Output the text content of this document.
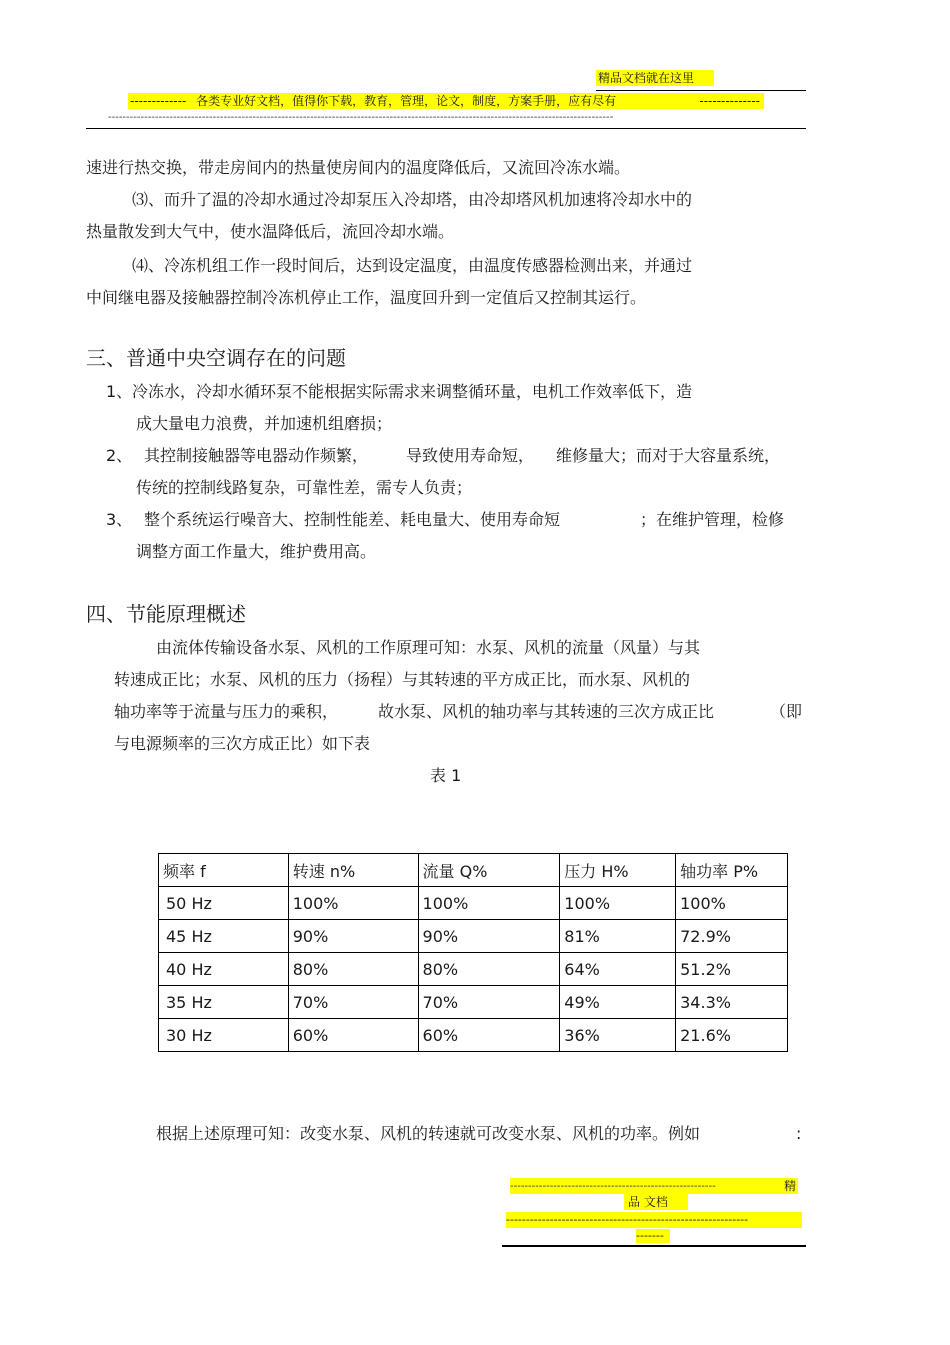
精品文档就在这里
------------- 各类专业好文档，值得你下载，教育，管理，论文，制度，方案手册，应有尽有	--------------
--------------------------------------------------------------------------------------------------------------------------------------------
速进行热交换，带走房间内的热量使房间内的温度降低后，又流回冷冻水端。
⑶、而升了温的冷却水通过冷却泵压入冷却塔，由冷却塔风机加速将冷却水中的
热量散发到大气中，使水温降低后，流回冷却水端。
⑷、冷冻机组工作一段时间后，达到设定温度，由温度传感器检测出来，并通过
中间继电器及接触器控制冷冻机停止工作，温度回升到一定值后又控制其运行。
三、普通中央空调存在的问题
1、 冷冻水，冷却水循环泵不能根据实际需求来调整循环量，电机工作效率低下，造
成大量电力浪费，并加速机组磨损；
2、 其控制接触器等电器动作频繁， 导致使用寿命短， 维修量大；而对于大容量系统，
传统的控制线路复杂，可靠性差，需专人负责；
3、 整个系统运行噪音大、控制性能差、耗电量大、使用寿命短	；在维护管理，检修
调整方面工作量大，维护费用高。
四、节能原理概述
由流体传输设备水泵、风机的工作原理可知：水泵、风机的流量（风量）与其
转速成正比；水泵、风机的压力（扬程）与其转速的平方成正比，而水泵、风机的
轴功率等于流量与压力的乘积， 故水泵、风机的轴功率与其转速的三次方成正比	（即
与电源频率的三次方成正比）如下表
表 1
频率 f	转速 n%	流量 Q%	压力 H%	轴功率 P%
50 Hz	100%	100%	100%	100%
45 Hz	90%	90%	81%	72.9%
40 Hz	80%	80%	64%	51.2%
35 Hz	70%	70%	49%	34.3%
30 Hz	60%	60%	36%	21.6%
根据上述原理可知：改变水泵、风机的转速就可改变水泵、风机的功率。例如	:
---------------------------------------------------------	精
品 文档
-------------------------------------------------------------
-------
